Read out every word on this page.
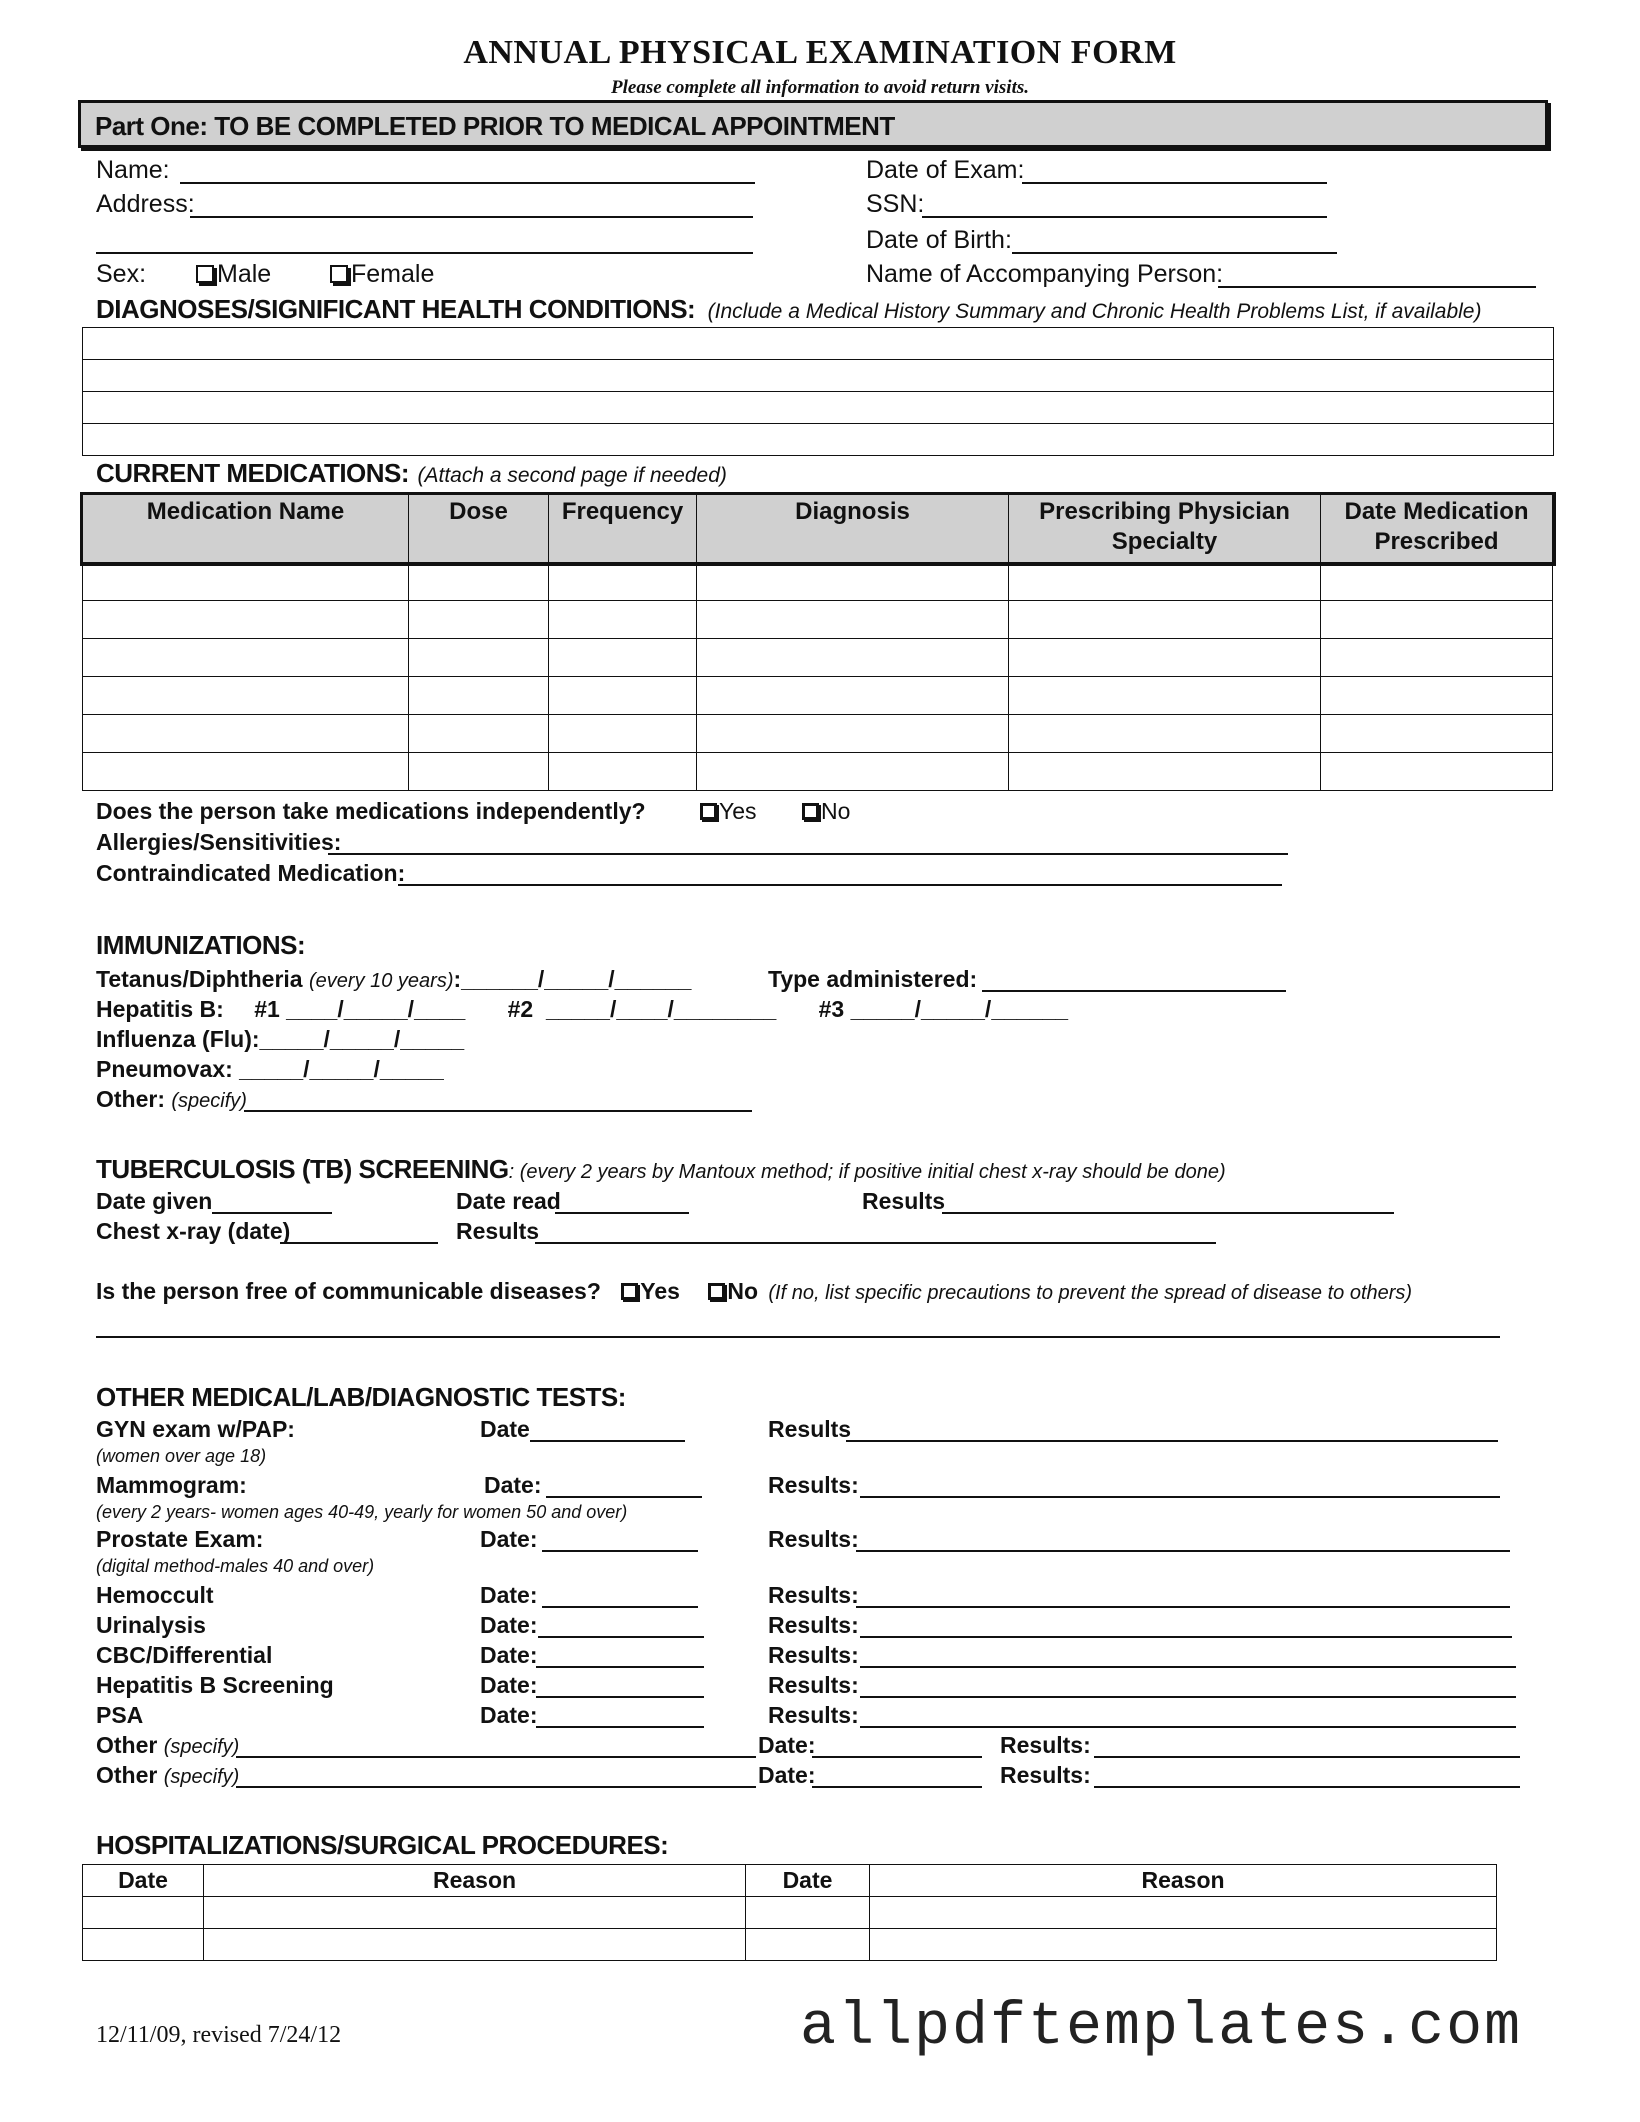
ANNUAL PHYSICAL EXAMINATION FORM
Please complete all information to avoid return visits.
Part One: TO BE COMPLETED PRIOR TO MEDICAL APPOINTMENT
Name:
Address:
Sex:	Male	Female
Date of Exam:
SSN:
Date of Birth:
Name of Accompanying Person:
DIAGNOSES/SIGNIFICANT HEALTH CONDITIONS: (Include a Medical History Summary and Chronic Health Problems List, if available)

CURRENT MEDICATIONS: (Attach a second page if needed)
Medication Name	Dose	Frequency	Diagnosis	Prescribing Physician Specialty	Date Medication Prescribed

Does the person take medications independently?	Yes	No
Allergies/Sensitivities:
Contraindicated Medication:
IMMUNIZATIONS:
Tetanus/Diphtheria (every 10 years):______/_____/______	Type administered:
Hepatitis B: #1 ____/_____/____ #2  _____/____/________ #3 _____/_____/______
Influenza (Flu):_____/_____/_____
Pneumovax: _____/_____/_____
Other: (specify)
TUBERCULOSIS (TB) SCREENING: (every 2 years by Mantoux method; if positive initial chest x-ray should be done)
Date given	Date read	Results
Chest x-ray (date)	Results
Is the person free of communicable diseases? Yes No (If no, list specific precautions to prevent the spread of disease to others)
OTHER MEDICAL/LAB/DIAGNOSTIC TESTS:
GYN exam w/PAP:
(women over age 18)
Date	Results
Mammogram:
(every 2 years- women ages 40-49, yearly for women 50 and over)
Date:	Results:
Prostate Exam:
(digital method-males 40 and over)
Date:	Results:
Hemoccult	Date:	Results:
Urinalysis	Date:	Results:
CBC/Differential	Date:	Results:
Hepatitis B Screening	Date:	Results:
PSA	Date:	Results:
Other (specify)	Date:	Results:
Other (specify)	Date:	Results:
HOSPITALIZATIONS/SURGICAL PROCEDURES:
Date	Reason	Date	Reason

12/11/09, revised 7/24/12	allpdftemplates.com
